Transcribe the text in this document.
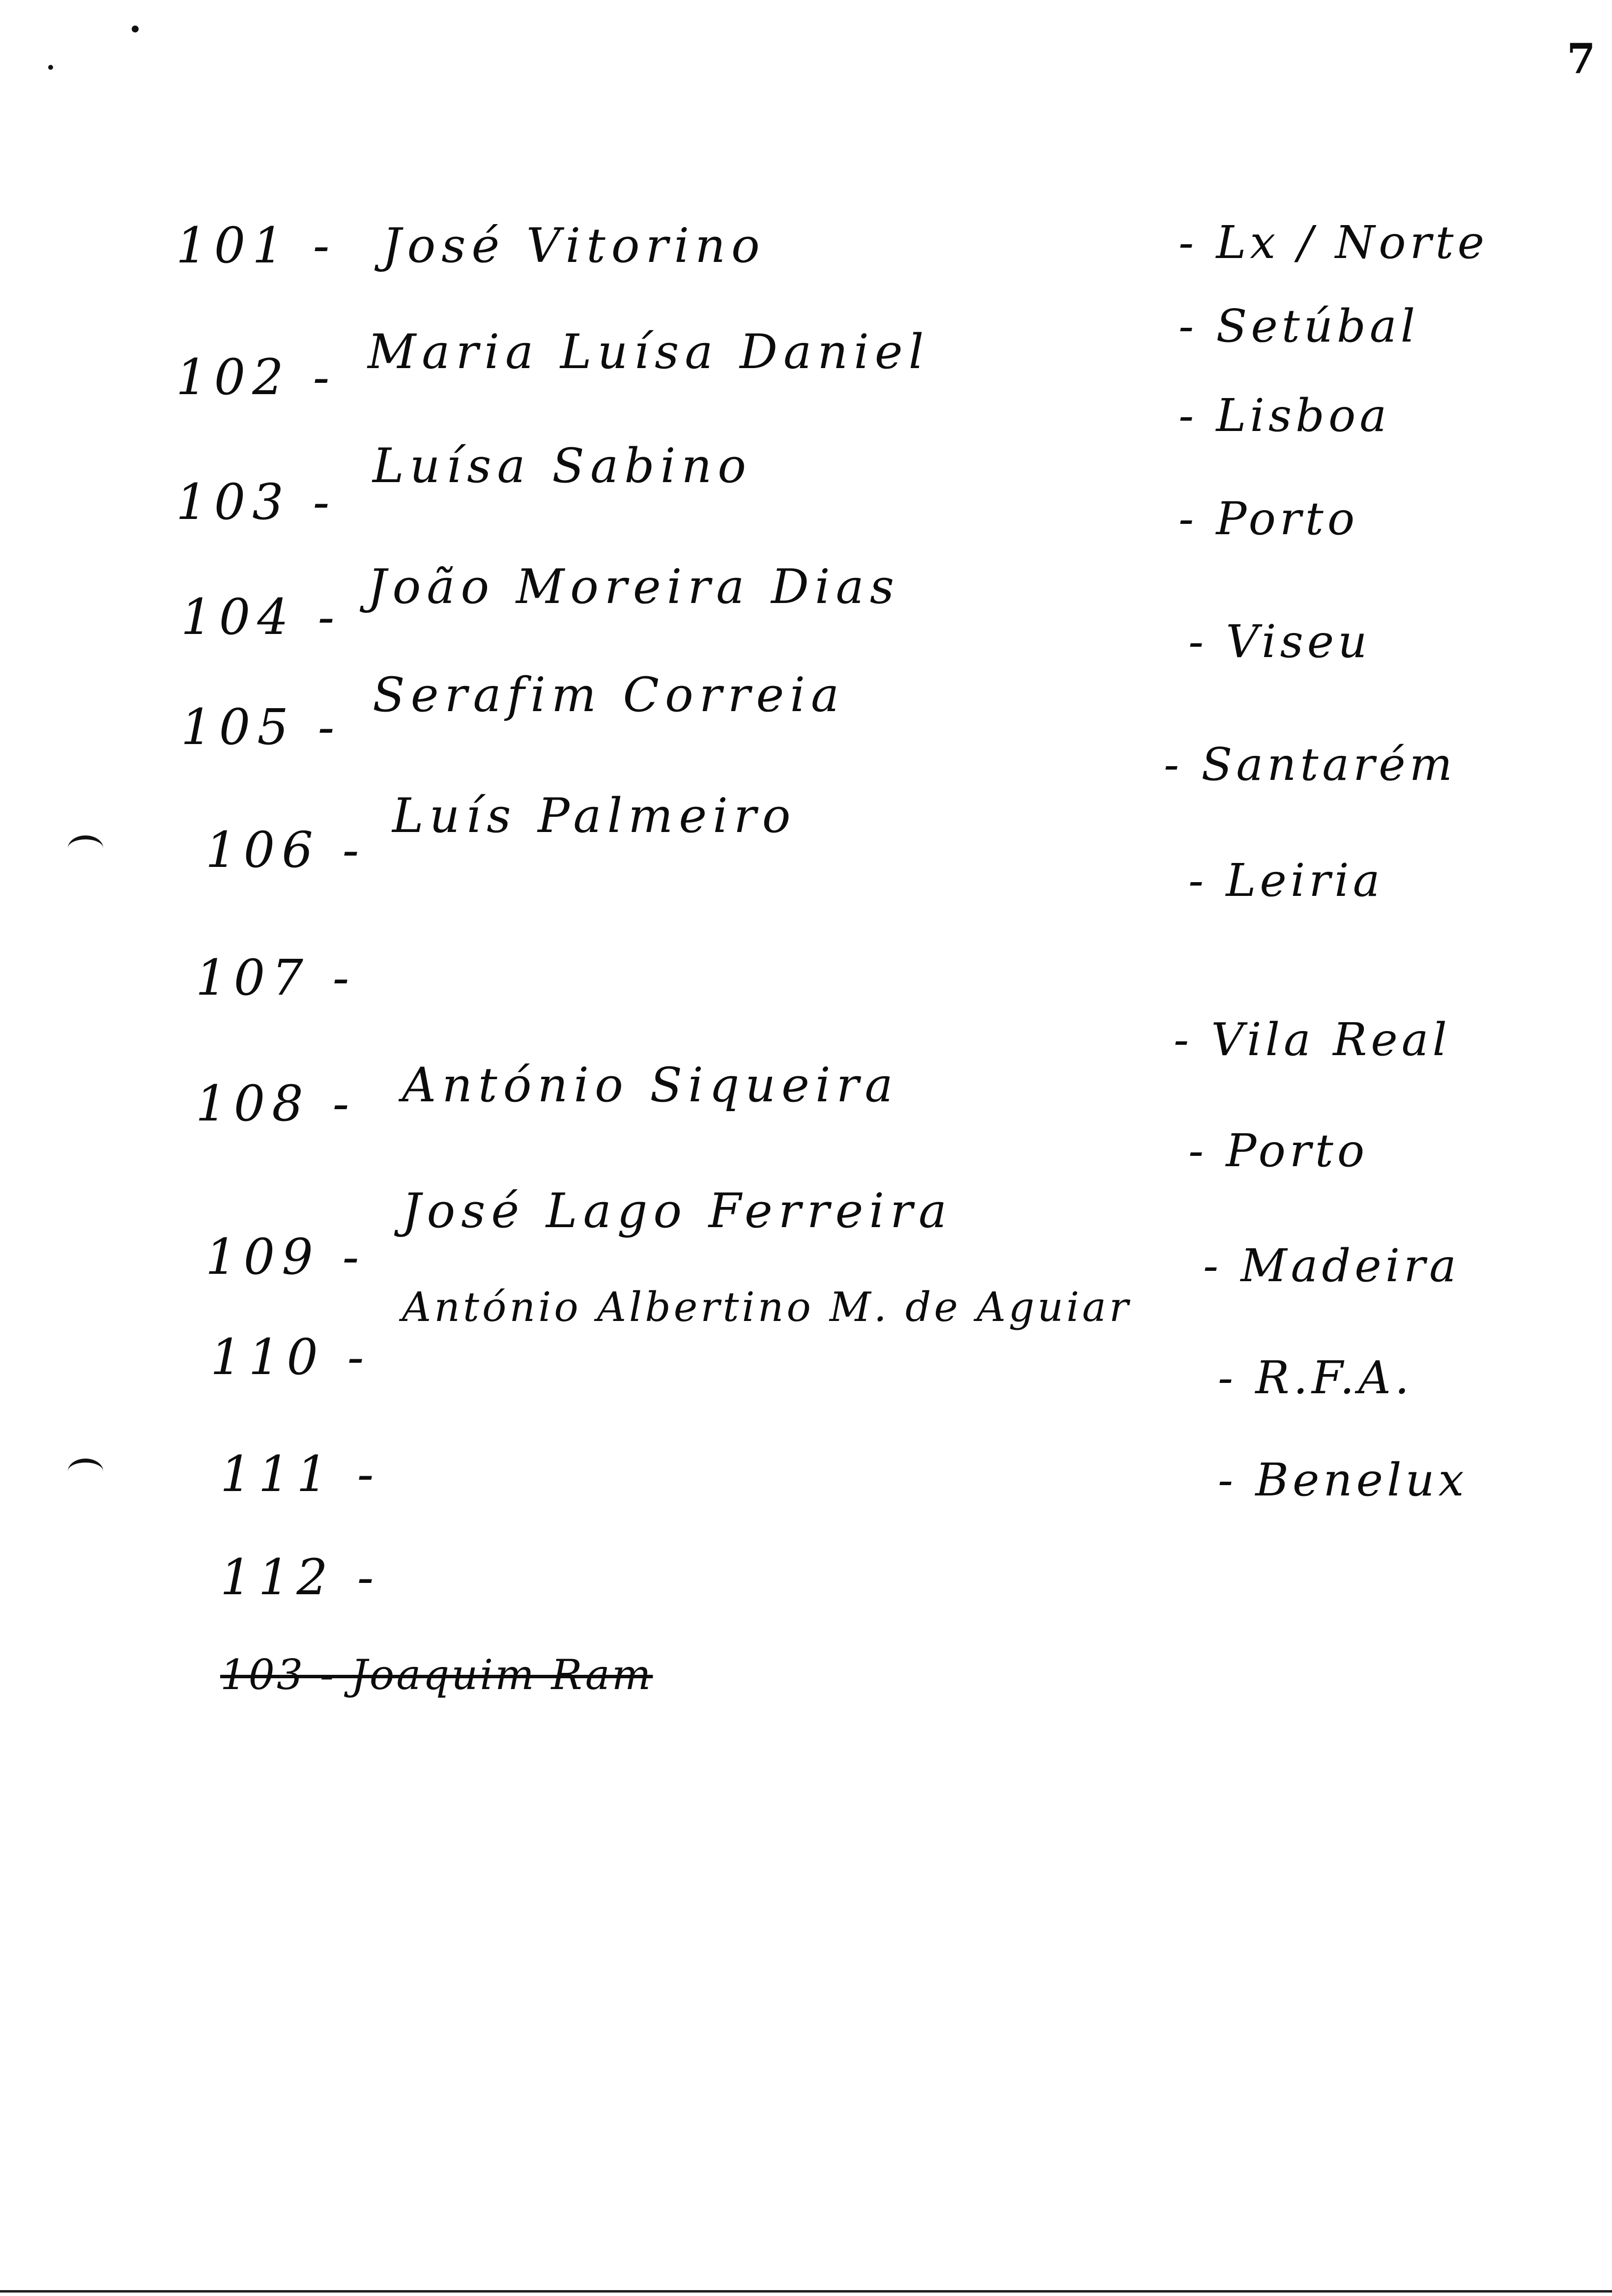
7
101 -
102 -
103 -
104 -
105 -
106 -
107 -
108 -
109 -
110 -
111 -
112 -
José Vitorino
Maria Luísa Daniel
Luísa Sabino
João Moreira Dias
Serafim Correia
Luís Palmeiro
António Siqueira
José Lago Ferreira
António Albertino M. de Aguiar
103 - Joaquim Ram
- Lx / Norte
- Setúbal
- Lisboa
- Porto
- Viseu
- Santarém
- Leiria
- Vila Real
- Porto
- Madeira
- R.F.A.
- Benelux
